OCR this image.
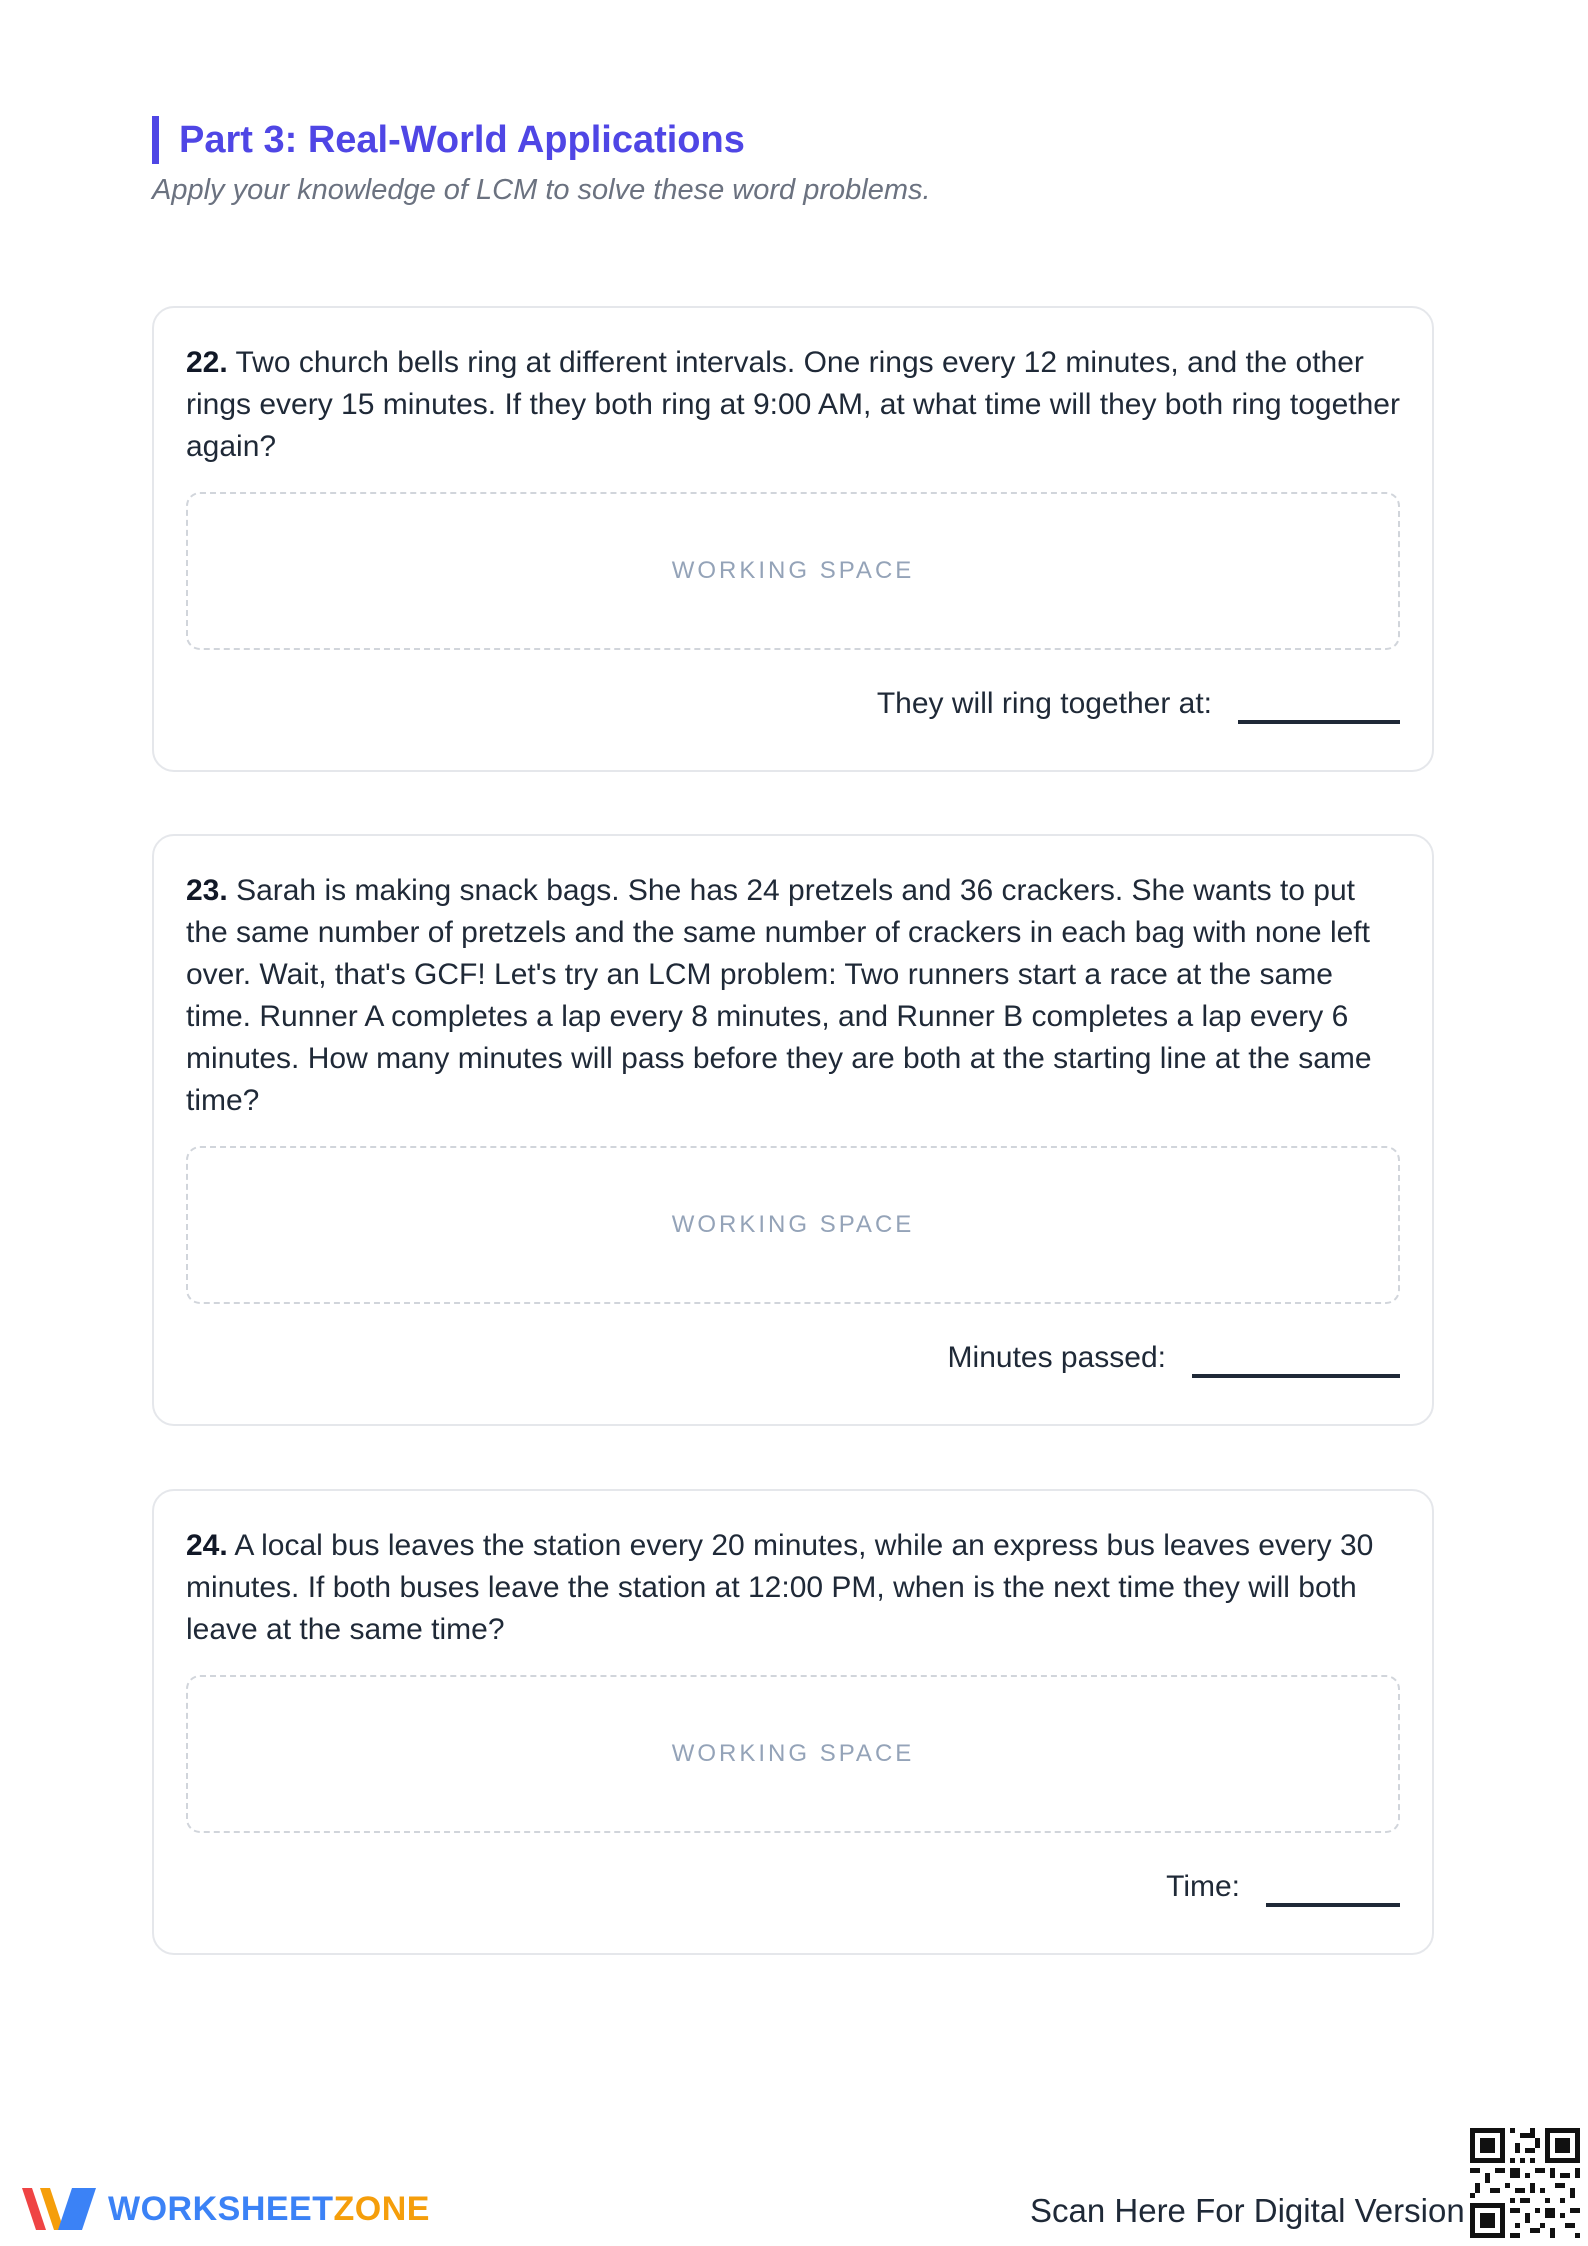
Part 3: Real-World Applications
Apply your knowledge of LCM to solve these word problems.
22. Two church bells ring at different intervals. One rings every 12 minutes, and the other rings every 15 minutes. If they both ring at 9:00 AM, at what time will they both ring together again?
WORKING SPACE
They will ring together at:
23. Sarah is making snack bags. She has 24 pretzels and 36 crackers. She wants to put the same number of pretzels and the same number of crackers in each bag with none left over. Wait, that's GCF! Let's try an LCM problem: Two runners start a race at the same time. Runner A completes a lap every 8 minutes, and Runner B completes a lap every 6 minutes. How many minutes will pass before they are both at the starting line at the same time?
WORKING SPACE
Minutes passed:
24. A local bus leaves the station every 20 minutes, while an express bus leaves every 30 minutes. If both buses leave the station at 12:00 PM, when is the next time they will both leave at the same time?
WORKING SPACE
Time:
WORKSHEETZONE	Scan Here For Digital Version
